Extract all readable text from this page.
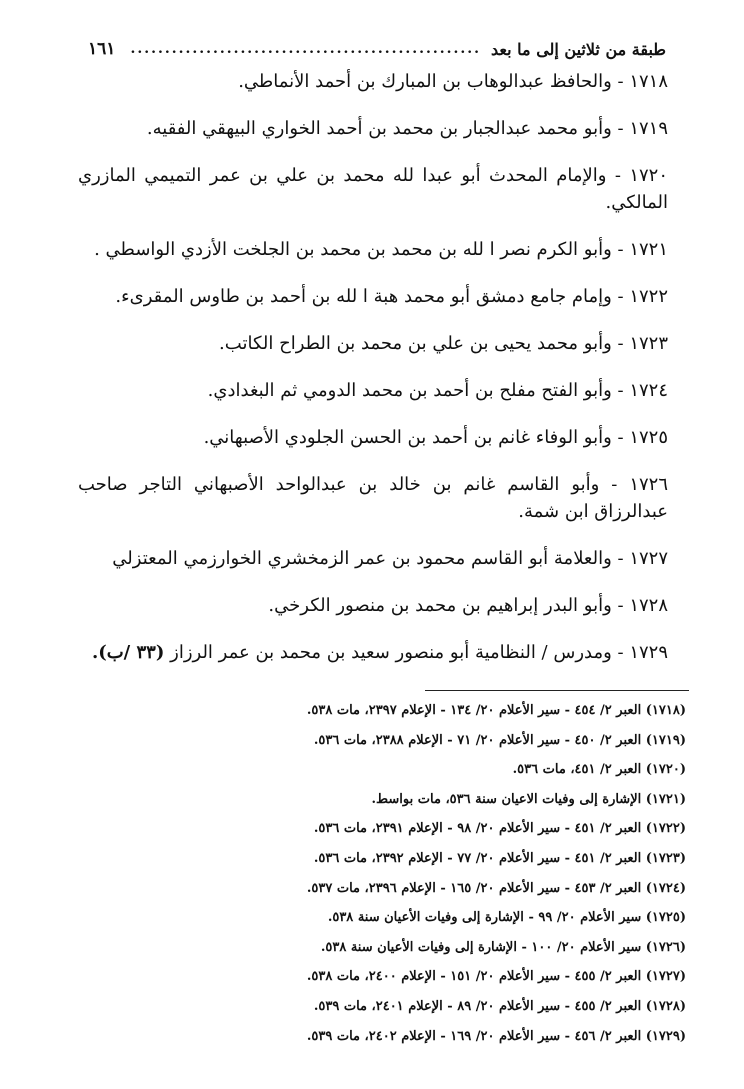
طبقة من ثلاثين إلى ما بعد
...................................................
١٦١
١٧١٨ - والحافظ عبدالوهاب بن المبارك بن أحمد الأنماطي.
١٧١٩ - وأبو محمد عبدالجبار بن محمد بن أحمد الخواري البيهقي الفقيه.
١٧٢٠ - والإمام المحدث أبو عبدا لله محمد بن علي بن عمر التميمي المازري المالكي.
١٧٢١ - وأبو الكرم نصر ا لله بن محمد بن محمد بن الجلخت الأزدي الواسطي .
١٧٢٢ - وإمام جامع دمشق أبو محمد هبة ا لله بن أحمد بن طاوس المقرىء.
١٧٢٣ - وأبو محمد يحيى بن علي بن محمد بن الطراح الكاتب.
١٧٢٤ - وأبو الفتح مفلح بن أحمد بن محمد الدومي ثم البغدادي.
١٧٢٥ - وأبو الوفاء غانم بن أحمد بن الحسن الجلودي الأصبهاني.
١٧٢٦ - وأبو القاسم غانم بن خالد بن عبدالواحد الأصبهاني التاجر صاحب عبدالرزاق ابن شمة.
١٧٢٧ - والعلامة أبو القاسم محمود بن عمر الزمخشري الخوارزمي المعتزلي
١٧٢٨ - وأبو البدر إبراهيم بن محمد بن منصور الكرخي.
١٧٢٩ - ومدرس / النظامية أبو منصور سعيد بن محمد بن عمر الرزاز (٣٣ /ب).
(١٧١٨) العبر ٢/ ٤٥٤ - سير الأعلام ٢٠/ ١٣٤ - الإعلام ٢٣٩٧، مات ٥٣٨.
(١٧١٩) العبر ٢/ ٤٥٠ - سير الأعلام ٢٠/ ٧١ - الإعلام ٢٣٨٨، مات ٥٣٦.
(١٧٢٠) العبر ٢/ ٤٥١، مات ٥٣٦.
(١٧٢١) الإشارة إلى وفيات الاعيان سنة ٥٣٦، مات بواسط.
(١٧٢٢) العبر ٢/ ٤٥١ - سير الأعلام ٢٠/ ٩٨ - الإعلام ٢٣٩١، مات ٥٣٦.
(١٧٢٣) العبر ٢/ ٤٥١ - سير الأعلام ٢٠/ ٧٧ - الإعلام ٢٣٩٢، مات ٥٣٦.
(١٧٢٤) العبر ٢/ ٤٥٣ - سير الأعلام ٢٠/ ١٦٥ - الإعلام ٢٣٩٦، مات ٥٣٧.
(١٧٢٥) سير الأعلام ٢٠/ ٩٩ - الإشارة إلى وفيات الأعيان سنة ٥٣٨.
(١٧٢٦) سير الأعلام ٢٠/ ١٠٠ - الإشارة إلى وفيات الأعيان سنة ٥٣٨.
(١٧٢٧) العبر ٢/ ٤٥٥ - سير الأعلام ٢٠/ ١٥١ - الإعلام ٢٤٠٠، مات ٥٣٨.
(١٧٢٨) العبر ٢/ ٤٥٥ - سير الأعلام ٢٠/ ٨٩ - الإعلام ٢٤٠١، مات ٥٣٩.
(١٧٢٩) العبر ٢/ ٤٥٦ - سير الأعلام ٢٠/ ١٦٩ - الإعلام ٢٤٠٢، مات ٥٣٩.
